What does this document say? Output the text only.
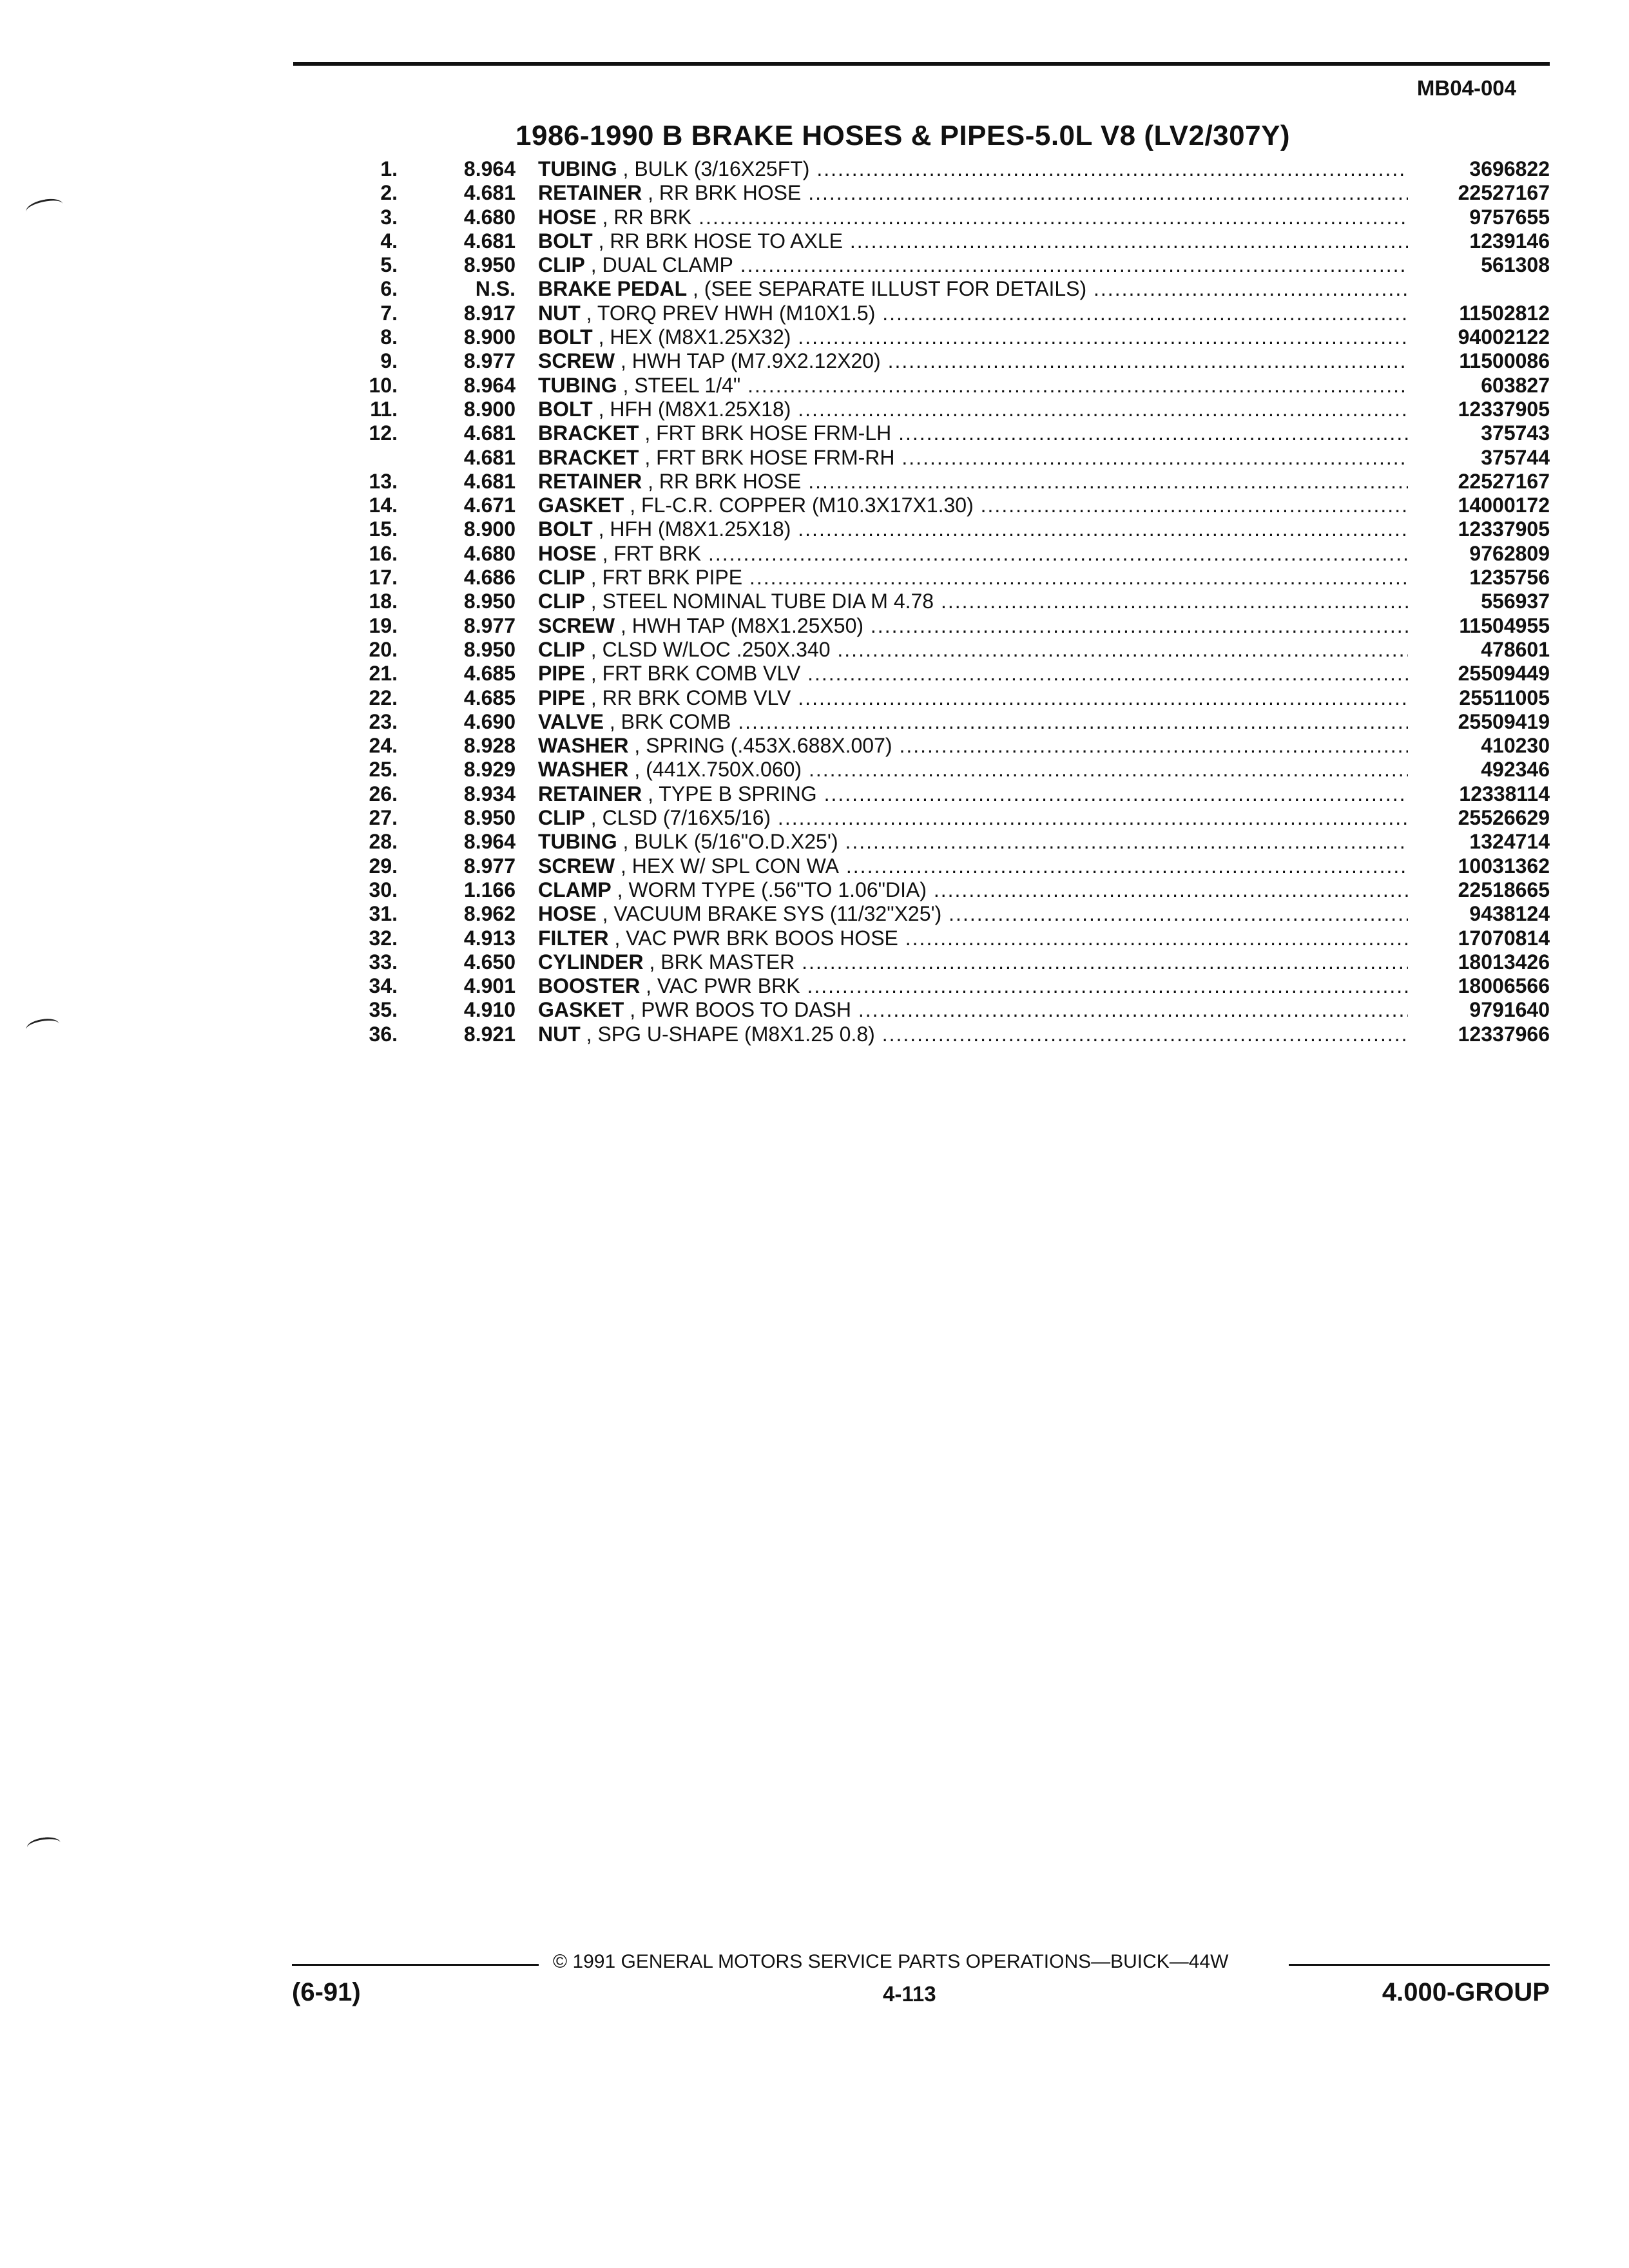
MB04-004
1986-1990 B BRAKE HOSES & PIPES-5.0L V8 (LV2/307Y)
1.	8.964 TUBING , BULK (3/16X25FT) .....	3696822
2.	4.681 RETAINER , RR BRK HOSE .....	22527167
3.	4.680 HOSE , RR BRK .....	9757655
4.	4.681 BOLT , RR BRK HOSE TO AXLE .....	1239146
5.	8.950 CLIP , DUAL CLAMP .....	561308
6.	N.S. BRAKE PEDAL , (SEE SEPARATE ILLUST FOR DETAILS) .....
7.	8.917 NUT , TORQ PREV HWH (M10X1.5) .....	11502812
8.	8.900 BOLT , HEX (M8X1.25X32) .....	94002122
9.	8.977 SCREW , HWH TAP (M7.9X2.12X20) .....	11500086
10.	8.964 TUBING , STEEL 1/4" .....	603827
11.	8.900 BOLT , HFH (M8X1.25X18) .....	12337905
12.	4.681 BRACKET , FRT BRK HOSE FRM-LH .....	375743
4.681 BRACKET , FRT BRK HOSE FRM-RH .....	375744
13.	4.681 RETAINER , RR BRK HOSE .....	22527167
14.	4.671 GASKET , FL-C.R. COPPER (M10.3X17X1.30) .....	14000172
15.	8.900 BOLT , HFH (M8X1.25X18) .....	12337905
16.	4.680 HOSE , FRT BRK .....	9762809
17.	4.686 CLIP , FRT BRK PIPE .....	1235756
18.	8.950 CLIP , STEEL NOMINAL TUBE DIA M 4.78 .....	556937
19.	8.977 SCREW , HWH TAP (M8X1.25X50) .....	11504955
20.	8.950 CLIP , CLSD W/LOC .250X.340 .....	478601
21.	4.685 PIPE , FRT BRK COMB VLV .....	25509449
22.	4.685 PIPE , RR BRK COMB VLV .....	25511005
23.	4.690 VALVE , BRK COMB .....	25509419
24.	8.928 WASHER , SPRING (.453X.688X.007) .....	410230
25.	8.929 WASHER , (441X.750X.060) .....	492346
26.	8.934 RETAINER , TYPE B SPRING .....	12338114
27.	8.950 CLIP , CLSD (7/16X5/16) .....	25526629
28.	8.964 TUBING , BULK (5/16"O.D.X25') .....	1324714
29.	8.977 SCREW , HEX W/ SPL CON WA .....	10031362
30.	1.166 CLAMP , WORM TYPE (.56"TO 1.06"DIA) .....	22518665
31.	8.962 HOSE , VACUUM BRAKE SYS (11/32"X25') .....	9438124
32.	4.913 FILTER , VAC PWR BRK BOOS HOSE .....	17070814
33.	4.650 CYLINDER , BRK MASTER .....	18013426
34.	4.901 BOOSTER , VAC PWR BRK .....	18006566
35.	4.910 GASKET , PWR BOOS TO DASH .....	9791640
36.	8.921 NUT , SPG U-SHAPE (M8X1.25 0.8) .....	12337966
© 1991 GENERAL MOTORS SERVICE PARTS OPERATIONS—BUICK—44W
(6-91)	4-113	4.000-GROUP
